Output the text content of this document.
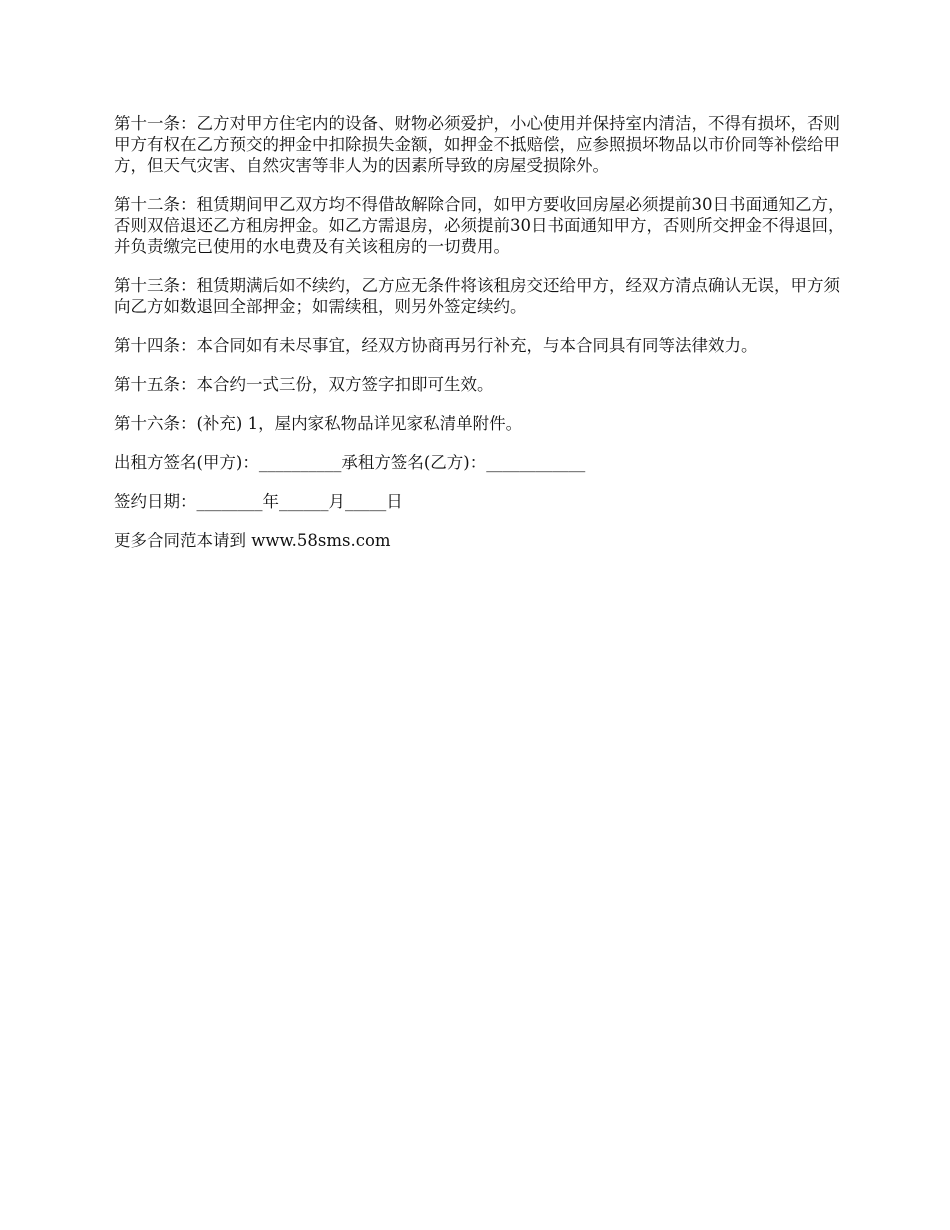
第十一条：乙方对甲方住宅内的设备、财物必须爱护，小心使用并保持室内清洁，不得有损坏，否则甲方有权在乙方预交的押金中扣除损失金额，如押金不抵赔偿，应参照损坏物品以市价同等补偿给甲方，但天气灾害、自然灾害等非人为的因素所导致的房屋受损除外。

第十二条：租赁期间甲乙双方均不得借故解除合同，如甲方要收回房屋必须提前30日书面通知乙方，否则双倍退还乙方租房押金。如乙方需退房，必须提前30日书面通知甲方，否则所交押金不得退回，并负责缴完已使用的水电费及有关该租房的一切费用。

第十三条：租赁期满后如不续约，乙方应无条件将该租房交还给甲方，经双方清点确认无误，甲方须向乙方如数退回全部押金；如需续租，则另外签定续约。

第十四条：本合同如有未尽事宜，经双方协商再另行补充，与本合同具有同等法律效力。

第十五条：本合约一式三份，双方签字扣即可生效。

第十六条：(补充) 1，屋内家私物品详见家私清单附件。

出租方签名(甲方)：__________承租方签名(乙方)：____________

签约日期：________年______月_____日

更多合同范本请到 www.58sms.com
